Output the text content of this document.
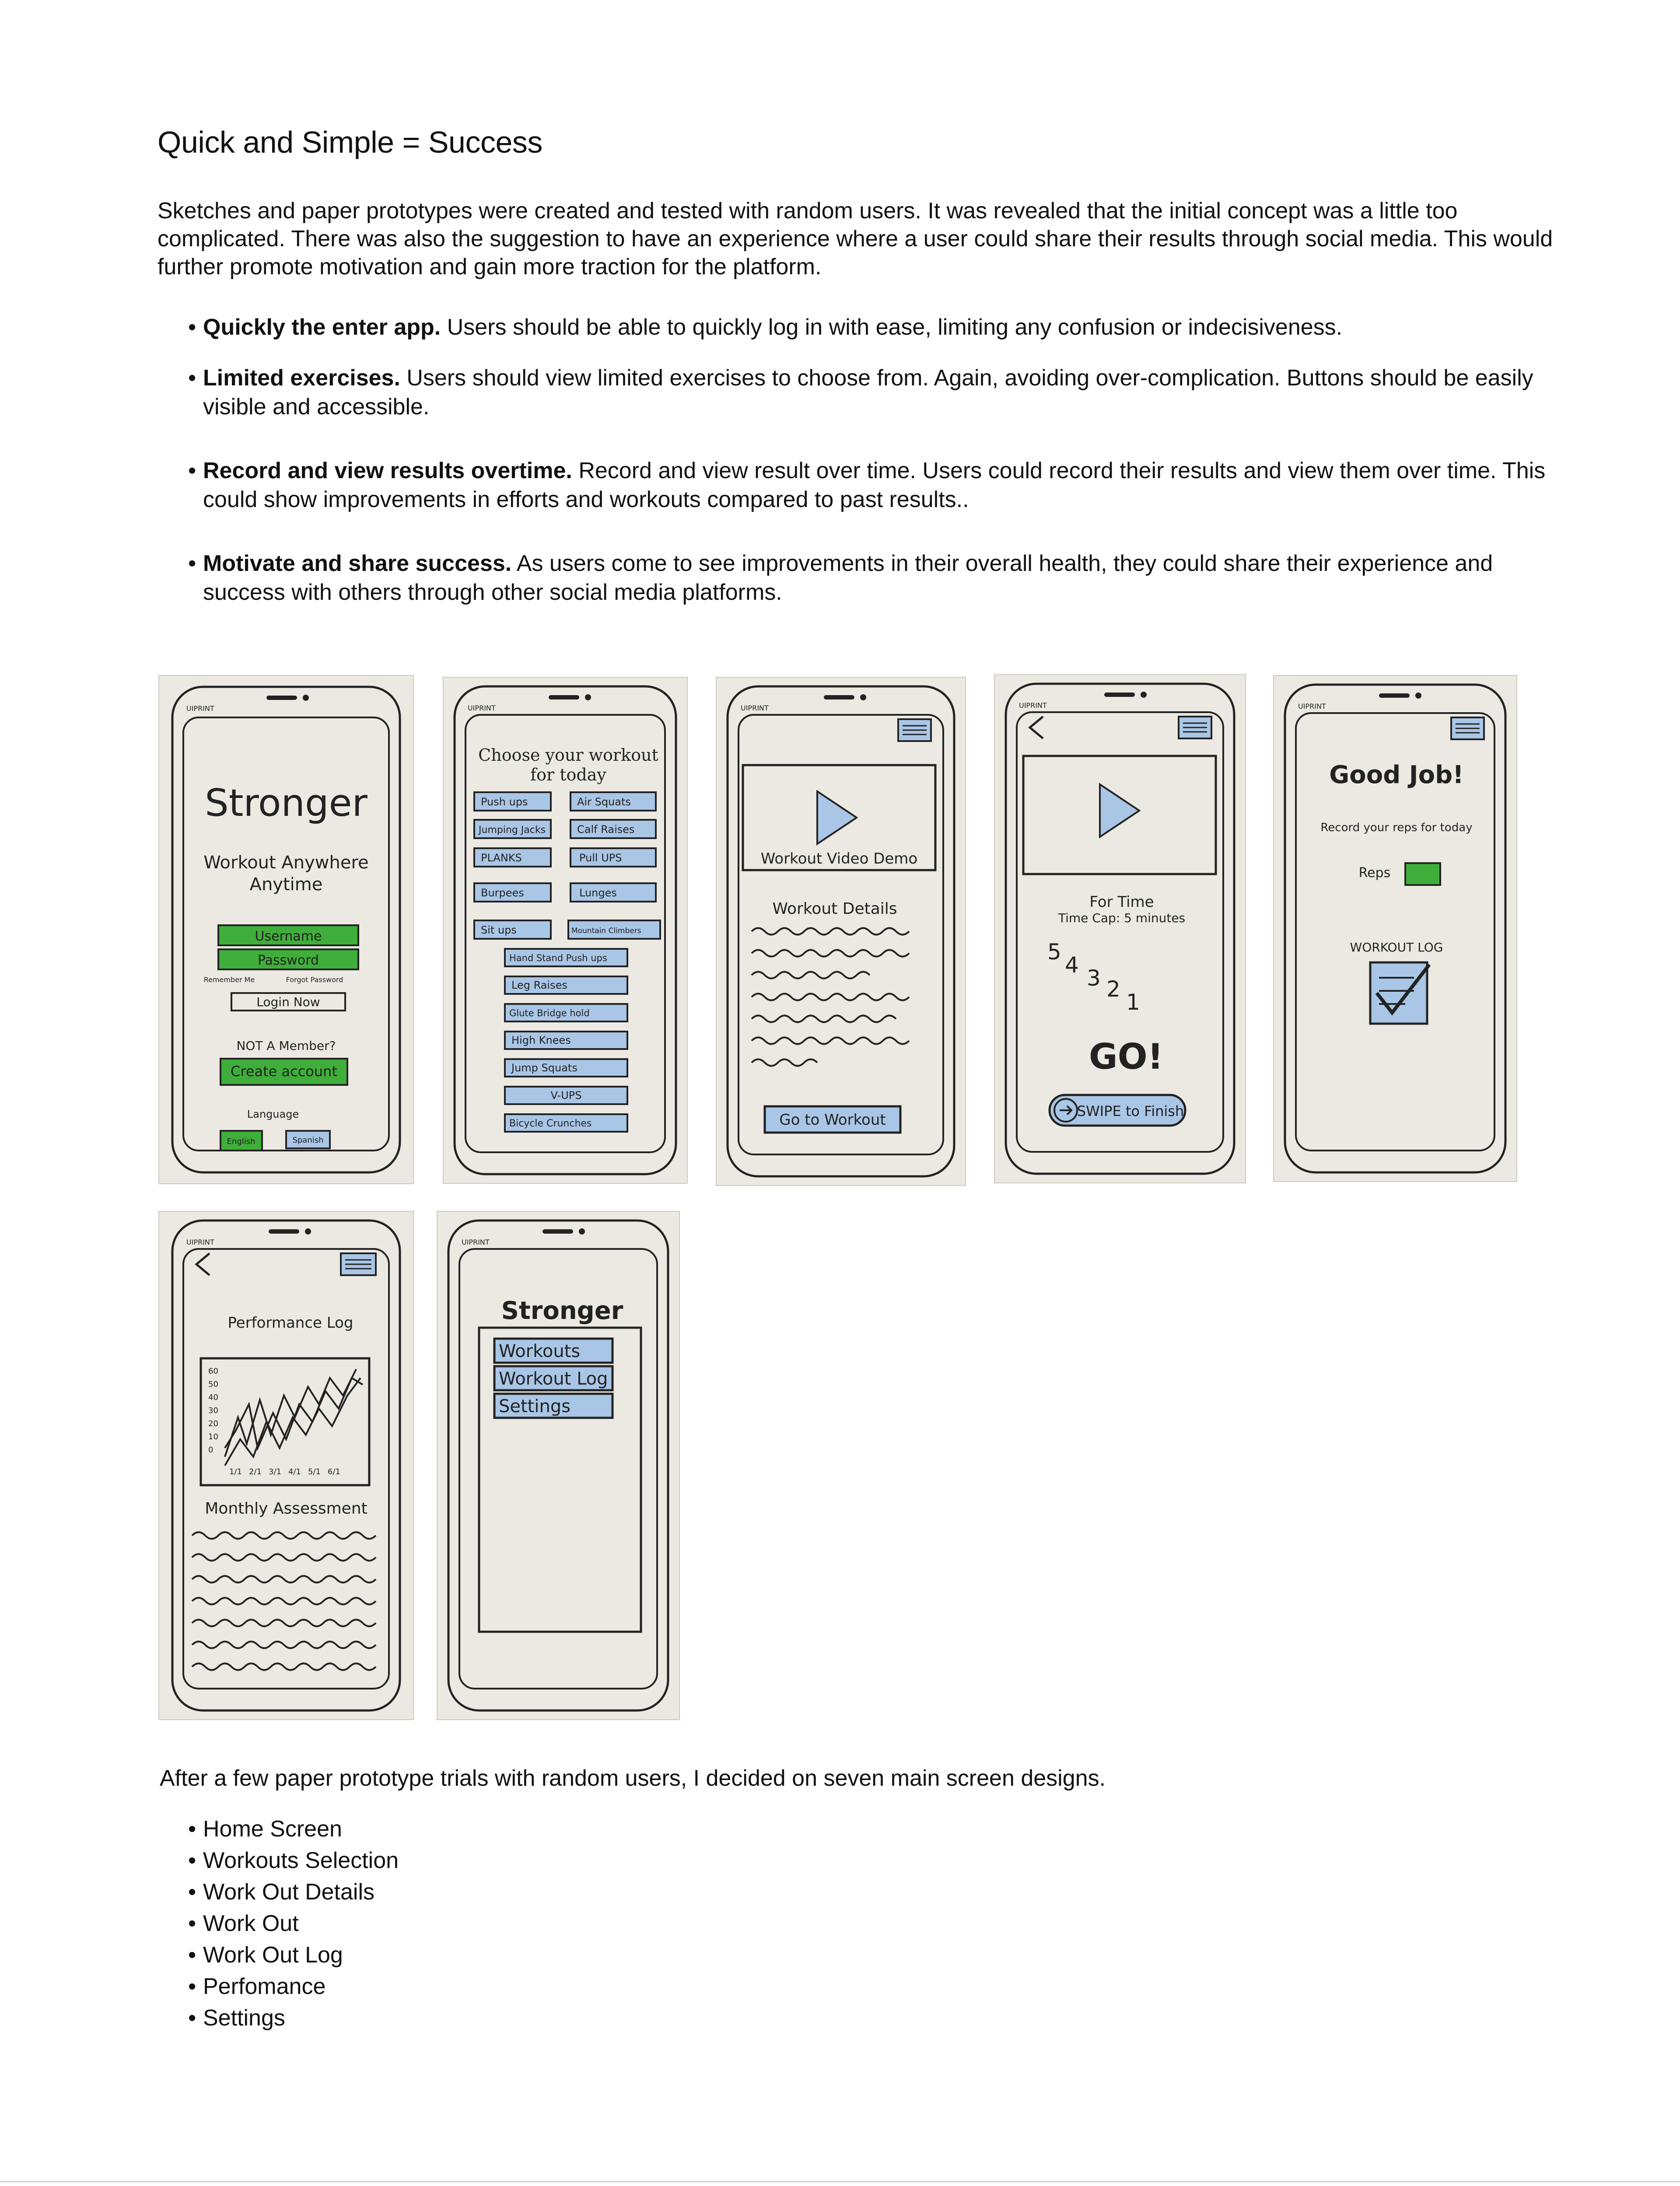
Quick and Simple = Success

Sketches and paper prototypes were created and tested with random users. It was revealed that the initial concept was a little too complicated. There was also the suggestion to have an experience where a user could share their results through social media. This would further promote motivation and gain more traction for the platform.

• Quickly the enter app. Users should be able to quickly log in with ease, limiting any confusion or indecisiveness.
• Limited exercises. Users should view limited exercises to choose from. Again, avoiding over-complication. Buttons should be easily visible and accessible.
• Record and view results overtime. Record and view result over time. Users could record their results and view them over time. This could show improvements in efforts and workouts compared to past results..
• Motivate and share success. As users come to see improvements in their overall health, they could share their experience and success with others through other social media platforms.
UIPRINT
Stronger
Workout Anywhere
Anytime
Username
Password
Remember Me	Forgot Password
Login Now
NOT A Member?
Create account
Language
English	Spanish
UIPRINT
Choose your workout
for today
Push ups
Jumping Jacks
PLANKS
Burpees
Sit ups
Air Squats
Calf Raises
Pull UPS
Lunges
Mountain Climbers
Hand Stand Push ups
Leg Raises
Glute Bridge hold
High Knees
Jump Squats
V-UPS
Bicycle Crunches
UIPRINT
Workout Video Demo
Workout Details
Go to Workout
UIPRINT
For Time
Time Cap: 5 minutes
5
4
3 2
1
GO!
SWIPE to Finish
UIPRINT
Good Job!
Record your reps for today
Reps
WORKOUT LOG
UIPRINT
Performance Log
60
50
40
30
20
10
0
1/1 2/1 3/1 4/1 5/1 6/1
Monthly Assessment
UIPRINT
Stronger
Workouts
Workout Log
Settings

After a few paper prototype trials with random users, I decided on seven main screen designs.

• Home Screen
• Workouts Selection
• Work Out Details
• Work Out
• Work Out Log
• Perfomance
• Settings
